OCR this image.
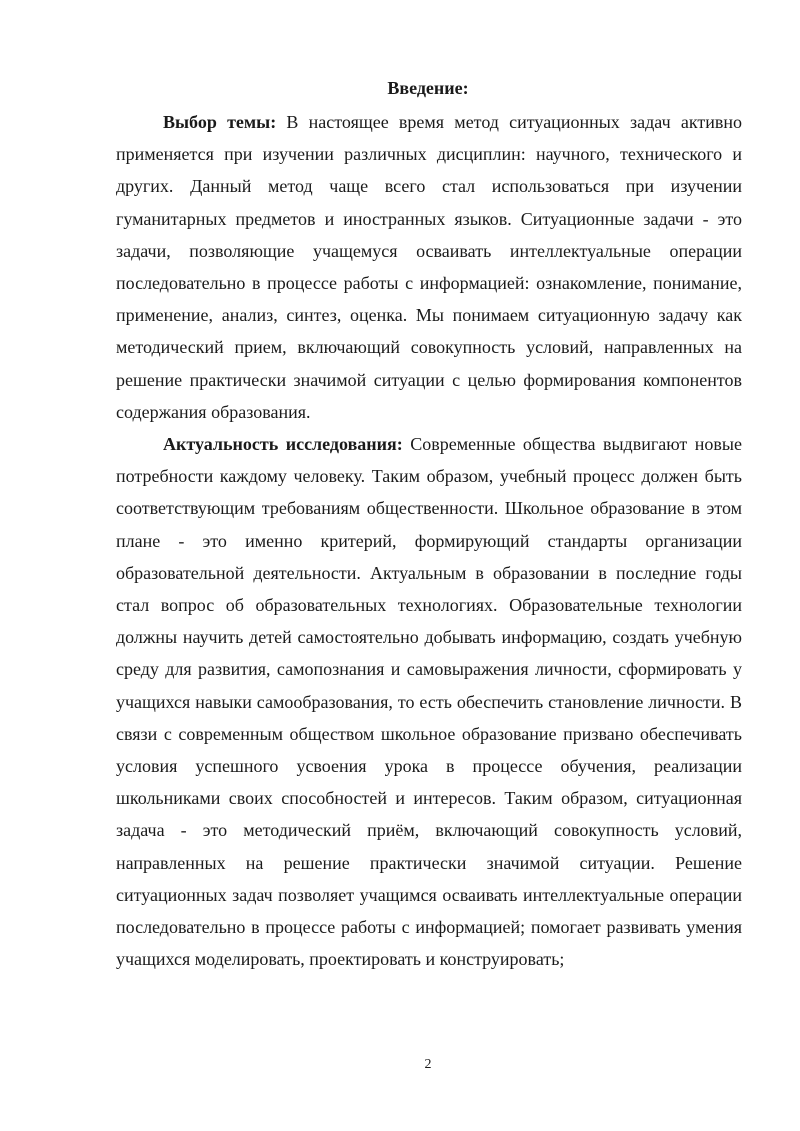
Введение:

Выбор темы: В настоящее время метод ситуационных задач активно применяется при изучении различных дисциплин: научного, технического и других. Данный метод чаще всего стал использоваться при изучении гуманитарных предметов и иностранных языков. Ситуационные задачи - это задачи, позволяющие учащемуся осваивать интеллектуальные операции последовательно в процессе работы с информацией: ознакомление, понимание, применение, анализ, синтез, оценка. Мы понимаем ситуационную задачу как методический прием, включающий совокупность условий, направленных на решение практически значимой ситуации с целью формирования компонентов содержания образования.

Актуальность исследования: Современные общества выдвигают новые потребности каждому человеку. Таким образом, учебный процесс должен быть соответствующим требованиям общественности. Школьное образование в этом плане - это именно критерий, формирующий стандарты организации образовательной деятельности. Актуальным в образовании в последние годы стал вопрос об образовательных технологиях. Образовательные технологии должны научить детей самостоятельно добывать информацию, создать учебную среду для развития, самопознания и самовыражения личности, сформировать у учащихся навыки самообразования, то есть обеспечить становление личности. В связи с современным обществом школьное образование призвано обеспечивать условия успешного усвоения урока в процессе обучения, реализации школьниками своих способностей и интересов. Таким образом, ситуационная задача - это методический приём, включающий совокупность условий, направленных на решение практически значимой ситуации. Решение ситуационных задач позволяет учащимся осваивать интеллектуальные операции последовательно в процессе работы с информацией; помогает развивать умения учащихся моделировать, проектировать и конструировать;

2
